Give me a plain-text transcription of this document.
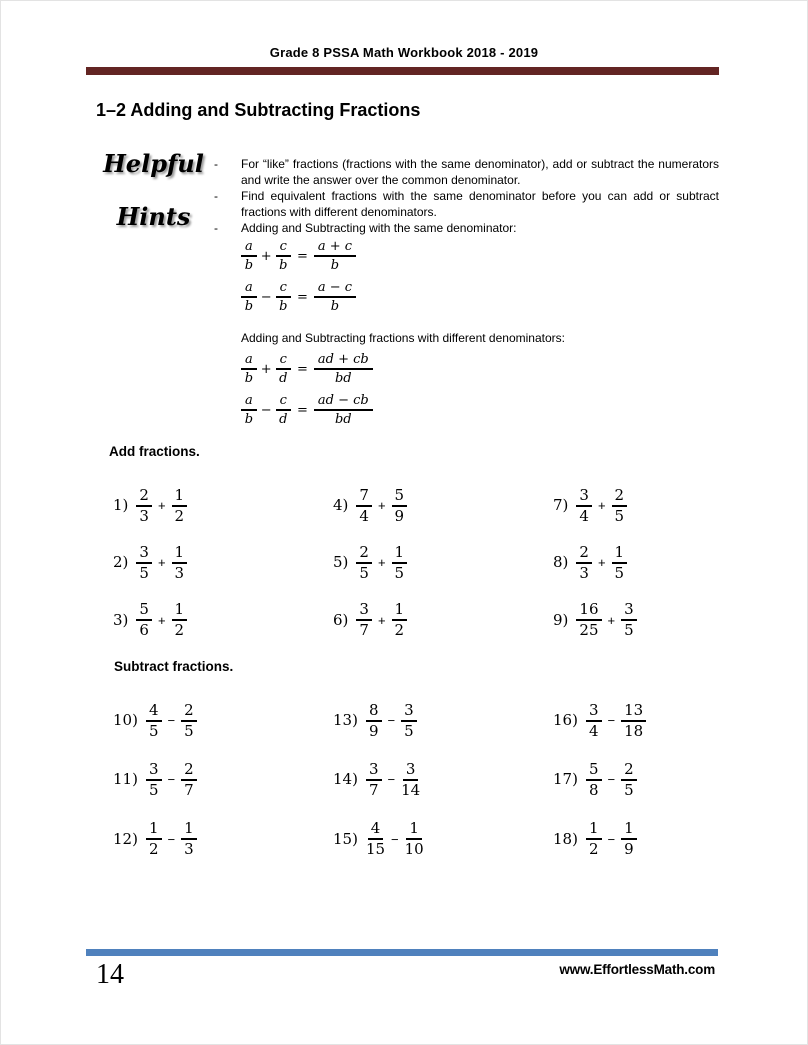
Grade 8 PSSA Math Workbook 2018 - 2019
1–2 Adding and Subtracting Fractions
Helpful
Hints
-	For “like” fractions (fractions with the same denominator), add or subtract the numerators and write the answer over the common denominator.
-	Find equivalent fractions with the same denominator before you can add or subtract fractions with different denominators.
-	Adding and Subtracting with the same denominator:
$\frac{a}{b} + \frac{c}{b} = \frac{a + c}{b}$
$\frac{a}{b} - \frac{c}{b} = \frac{a - c}{b}$
Adding and Subtracting fractions with different denominators:
$\frac{a}{b} + \frac{c}{d} = \frac{ad + cb}{bd}$
$\frac{a}{b} - \frac{c}{d} = \frac{ad - cb}{bd}$
Add fractions.
$1) \frac{2}{3} + \frac{1}{2}$
$2) \frac{3}{5} + \frac{1}{3}$
$3) \frac{5}{6} + \frac{1}{2}$
$4) \frac{7}{4} + \frac{5}{9}$
$5) \frac{2}{5} + \frac{1}{5}$
$6) \frac{3}{7} + \frac{1}{2}$
$7) \frac{3}{4} + \frac{2}{5}$
$8) \frac{2}{3} + \frac{1}{5}$
$9) \frac{16}{25} + \frac{3}{5}$
Subtract fractions.
$10) \frac{4}{5} - \frac{2}{5}$
$11) \frac{3}{5} - \frac{2}{7}$
$12) \frac{1}{2} - \frac{1}{3}$
$13) \frac{8}{9} - \frac{3}{5}$
$14) \frac{3}{7} - \frac{3}{14}$
$15) \frac{4}{15} - \frac{1}{10}$
$16) \frac{3}{4} - \frac{13}{18}$
$17) \frac{5}{8} - \frac{2}{5}$
$18) \frac{1}{2} - \frac{1}{9}$
14	www.EffortlessMath.com
